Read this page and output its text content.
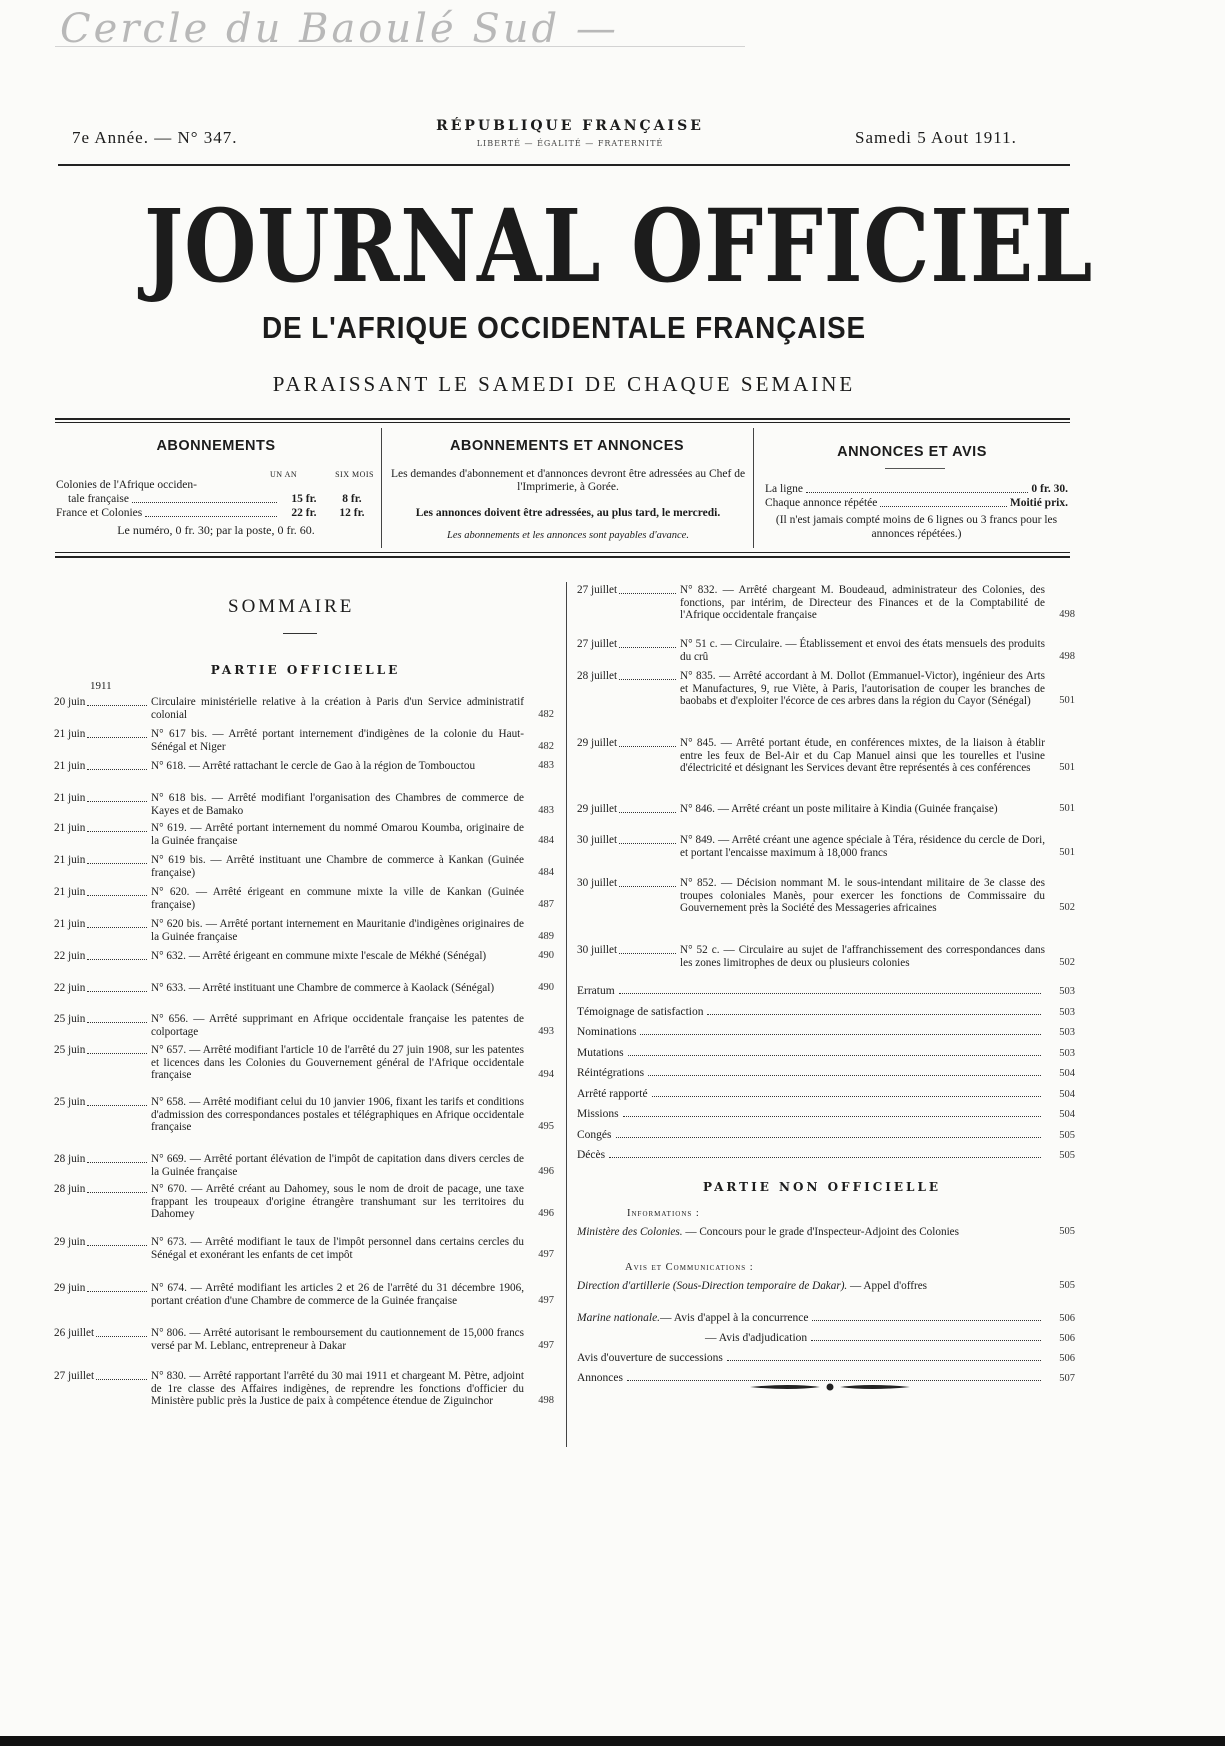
Cercle du Baoulé Sud —
7e Année. — N° 347.
RÉPUBLIQUE FRANÇAISE
LIBERTÉ — ÉGALITÉ — FRATERNITÉ	Samedi 5 Aout 1911.
JOURNAL OFFICIEL
DE L'AFRIQUE OCCIDENTALE FRANÇAISE
PARAISSANT LE SAMEDI DE CHAQUE SEMAINE
ABONNEMENTS
UN AN	SIX MOIS
Colonies de l'Afrique occiden-
tale française	15 fr.	8 fr.
France et Colonies	22 fr.	12 fr.
Le numéro, 0 fr. 30; par la poste, 0 fr. 60.
ABONNEMENTS ET ANNONCES
Les demandes d'abonnement et d'annonces devront être adressées au Chef de l'Imprimerie, à Gorée.
Les annonces doivent être adressées, au plus tard, le mercredi.
Les abonnements et les annonces sont payables d'avance.
ANNONCES ET AVIS
La ligne	0 fr. 30.
Chaque annonce répétée	Moitié prix.
(Il n'est jamais compté moins de 6 lignes ou 3 francs pour les annonces répétées.)
SOMMAIRE
PARTIE OFFICIELLE
1911
20 juin	Circulaire ministérielle relative à la création à Paris d'un Service administratif colonial	482
21 juin	N° 617 bis. — Arrêté portant internement d'indigènes de la colonie du Haut-Sénégal et Niger	482
21 juin	N° 618. — Arrêté rattachant le cercle de Gao à la région de Tombouctou	483
21 juin	N° 618 bis. — Arrêté modifiant l'organisation des Chambres de commerce de Kayes et de Bamako	483
21 juin	N° 619. — Arrêté portant internement du nommé Omarou Koumba, originaire de la Guinée française	484
21 juin	N° 619 bis. — Arrêté instituant une Chambre de commerce à Kankan (Guinée française)	484
21 juin	N° 620. — Arrêté érigeant en commune mixte la ville de Kankan (Guinée française)	487
21 juin	N° 620 bis. — Arrêté portant internement en Mauritanie d'indigènes originaires de la Guinée française	489
22 juin	N° 632. — Arrêté érigeant en commune mixte l'escale de Mékhé (Sénégal)	490
22 juin	N° 633. — Arrêté instituant une Chambre de commerce à Kaolack (Sénégal)	490
25 juin	N° 656. — Arrêté supprimant en Afrique occidentale française les patentes de colportage	493
25 juin	N° 657. — Arrêté modifiant l'article 10 de l'arrêté du 27 juin 1908, sur les patentes et licences dans les Colonies du Gouvernement général de l'Afrique occidentale française	494
25 juin	N° 658. — Arrêté modifiant celui du 10 janvier 1906, fixant les tarifs et conditions d'admission des correspondances postales et télégraphiques en Afrique occidentale française	495
28 juin	N° 669. — Arrêté portant élévation de l'impôt de capitation dans divers cercles de la Guinée française	496
28 juin	N° 670. — Arrêté créant au Dahomey, sous le nom de droit de pacage, une taxe frappant les troupeaux d'origine étrangère transhumant sur les territoires du Dahomey	496
29 juin	N° 673. — Arrêté modifiant le taux de l'impôt personnel dans certains cercles du Sénégal et exonérant les enfants de cet impôt	497
29 juin	N° 674. — Arrêté modifiant les articles 2 et 26 de l'arrêté du 31 décembre 1906, portant création d'une Chambre de commerce de la Guinée française	497
26 juillet	N° 806. — Arrêté autorisant le remboursement du cautionnement de 15,000 francs versé par M. Leblanc, entrepreneur à Dakar	497
27 juillet	N° 830. — Arrêté rapportant l'arrêté du 30 mai 1911 et chargeant M. Pètre, adjoint de 1re classe des Affaires indigènes, de reprendre les fonctions d'officier du Ministère public près la Justice de paix à compétence étendue de Ziguinchor	498
27 juillet	N° 832. — Arrêté chargeant M. Boudeaud, administrateur des Colonies, des fonctions, par intérim, de Directeur des Finances et de la Comptabilité de l'Afrique occidentale française	498
27 juillet	N° 51 c. — Circulaire. — Établissement et envoi des états mensuels des produits du crû	498
28 juillet	N° 835. — Arrêté accordant à M. Dollot (Emmanuel-Victor), ingénieur des Arts et Manufactures, 9, rue Viète, à Paris, l'autorisation de couper les branches de baobabs et d'exploiter l'écorce de ces arbres dans la région du Cayor (Sénégal)	501
29 juillet	N° 845. — Arrêté portant étude, en conférences mixtes, de la liaison à établir entre les feux de Bel-Air et du Cap Manuel ainsi que les tourelles et l'usine d'électricité et désignant les Services devant être représentés à ces conférences	501
29 juillet	N° 846. — Arrêté créant un poste militaire à Kindia (Guinée française)	501
30 juillet	N° 849. — Arrêté créant une agence spéciale à Téra, résidence du cercle de Dori, et portant l'encaisse maximum à 18,000 francs	501
30 juillet	N° 852. — Décision nommant M. le sous-intendant militaire de 3e classe des troupes coloniales Manès, pour exercer les fonctions de Commissaire du Gouvernement près la Société des Messageries africaines	502
30 juillet	N° 52 c. — Circulaire au sujet de l'affranchissement des correspondances dans les zones limitrophes de deux ou plusieurs colonies	502
Erratum	503
Témoignage de satisfaction	503
Nominations	503
Mutations	503
Réintégrations	504
Arrêté rapporté	504
Missions	504
Congés	505
Décès	505
PARTIE NON OFFICIELLE
Informations :
Ministère des Colonies. — Concours pour le grade d'Inspecteur-Adjoint des Colonies	505
Avis et Communications :
Direction d'artillerie (Sous-Direction temporaire de Dakar). — Appel d'offres	505
Marine nationale. — Avis d'appel à la concurrence	506
— Avis d'adjudication	506
Avis d'ouverture de successions	506
Annonces	507
